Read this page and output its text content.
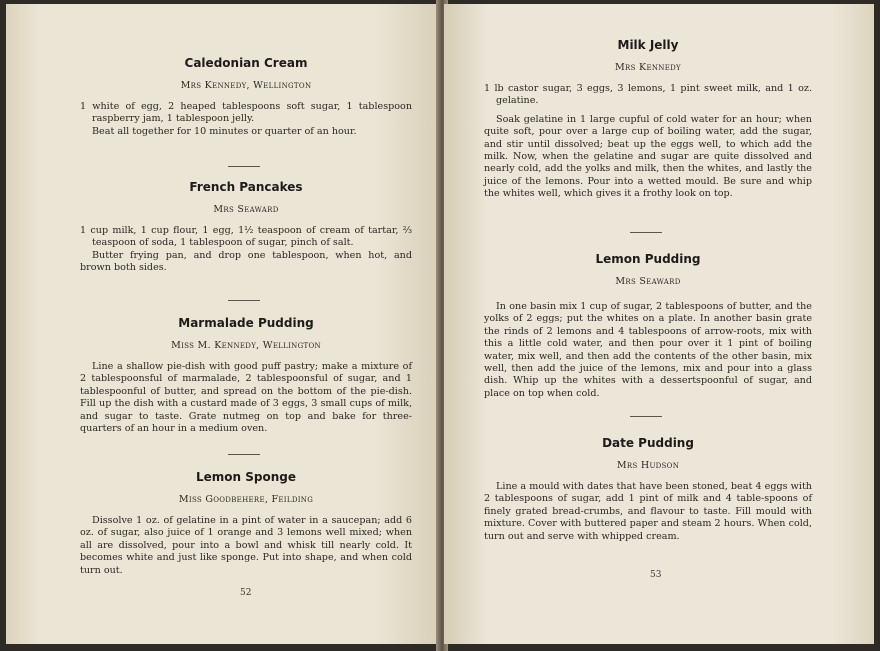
Caledonian Cream

Mrs Kennedy, Wellington

1 white of egg, 2 heaped tablespoons soft sugar, 1 tablespoon raspberry jam, 1 tablespoon jelly.

Beat all together for 10 minutes or quarter of an hour.

French Pancakes

Mrs Seaward

1 cup milk, 1 cup flour, 1 egg, 1½ teaspoon of cream of tartar, ⅔ teaspoon of soda, 1 tablespoon of sugar, pinch of salt.

Butter frying pan, and drop one tablespoon, when hot, and brown both sides.

Marmalade Pudding

Miss M. Kennedy, Wellington

Line a shallow pie-dish with good puff pastry; make a mixture of 2 tablespoonsful of marmalade, 2 tablespoonsful of sugar, and 1 tablespoonful of butter, and spread on the bottom of the pie-dish. Fill up the dish with a custard made of 3 eggs, 3 small cups of milk, and sugar to taste. Grate nutmeg on top and bake for three-quarters of an hour in a medium oven.

Lemon Sponge

Miss Goodbehere, Feilding

Dissolve 1 oz. of gelatine in a pint of water in a saucepan; add 6 oz. of sugar, also juice of 1 orange and 3 lemons well mixed; when all are dissolved, pour into a bowl and whisk till nearly cold. It becomes white and just like sponge. Put into shape, and when cold turn out.

52

Milk Jelly

Mrs Kennedy

1 lb castor sugar, 3 eggs, 3 lemons, 1 pint sweet milk, and 1 oz. gelatine.

Soak gelatine in 1 large cupful of cold water for an hour; when quite soft, pour over a large cup of boiling water, add the sugar, and stir until dissolved; beat up the eggs well, to which add the milk. Now, when the gelatine and sugar are quite dissolved and nearly cold, add the yolks and milk, then the whites, and lastly the juice of the lemons. Pour into a wetted mould. Be sure and whip the whites well, which gives it a frothy look on top.

Lemon Pudding

Mrs Seaward

In one basin mix 1 cup of sugar, 2 tablespoons of butter, and the yolks of 2 eggs; put the whites on a plate. In another basin grate the rinds of 2 lemons and 4 tablespoons of arrow-roots, mix with this a little cold water, and then pour over it 1 pint of boiling water, mix well, and then add the contents of the other basin, mix well, then add the juice of the lemons, mix and pour into a glass dish. Whip up the whites with a dessertspoonful of sugar, and place on top when cold.

Date Pudding

Mrs Hudson

Line a mould with dates that have been stoned, beat 4 eggs with 2 tablespoons of sugar, add 1 pint of milk and 4 table-spoons of finely grated bread-crumbs, and flavour to taste. Fill mould with mixture. Cover with buttered paper and steam 2 hours. When cold, turn out and serve with whipped cream.

53
